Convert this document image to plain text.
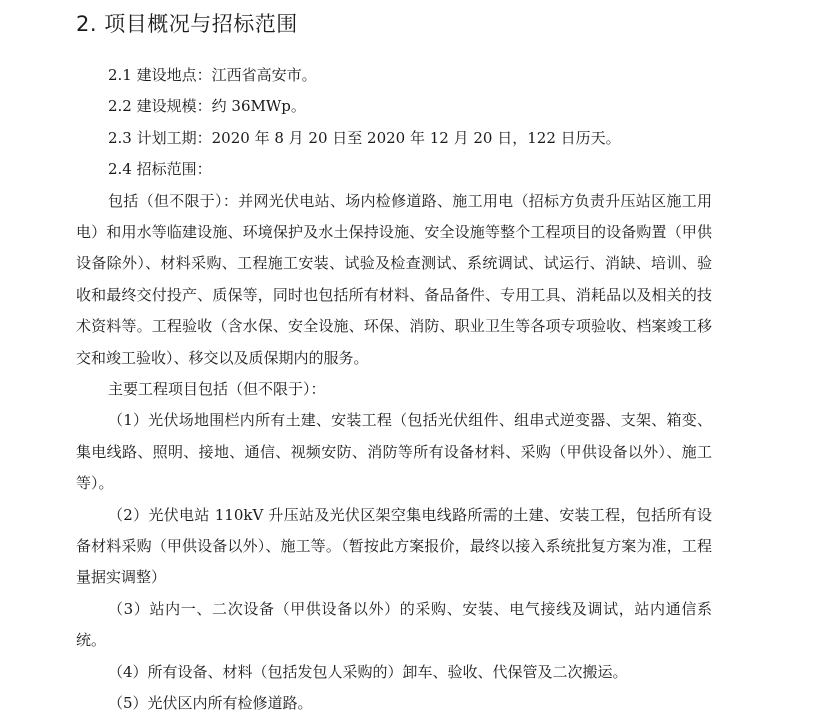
2. 项目概况与招标范围
2.1 建设地点：江西省高安市。
2.2 建设规模：约 36MWp。
2.3 计划工期：2020 年 8 月 20 日至 2020 年 12 月 20 日，122 日历天。
2.4 招标范围：

包括（但不限于）：并网光伏电站、场内检修道路、施工用电（招标方负责升压站区施工用电）和用水等临建设施、环境保护及水土保持设施、安全设施等整个工程项目的设备购置（甲供设备除外）、材料采购、工程施工安装、试验及检查测试、系统调试、试运行、消缺、培训、验收和最终交付投产、质保等，同时也包括所有材料、备品备件、专用工具、消耗品以及相关的技术资料等。工程验收（含水保、安全设施、环保、消防、职业卫生等各项专项验收、档案竣工移交和竣工验收）、移交以及质保期内的服务。

主要工程项目包括（但不限于）：

（1）光伏场地围栏内所有土建、安装工程（包括光伏组件、组串式逆变器、支架、箱变、集电线路、照明、接地、通信、视频安防、消防等所有设备材料、采购（甲供设备以外）、施工等）。

（2）光伏电站 110kV 升压站及光伏区架空集电线路所需的土建、安装工程，包括所有设备材料采购（甲供设备以外）、施工等。（暂按此方案报价，最终以接入系统批复方案为准，工程量据实调整）

（3）站内一、二次设备（甲供设备以外）的采购、安装、电气接线及调试，站内通信系统。

（4）所有设备、材料（包括发包人采购的）卸车、验收、代保管及二次搬运。

（5）光伏区内所有检修道路。
